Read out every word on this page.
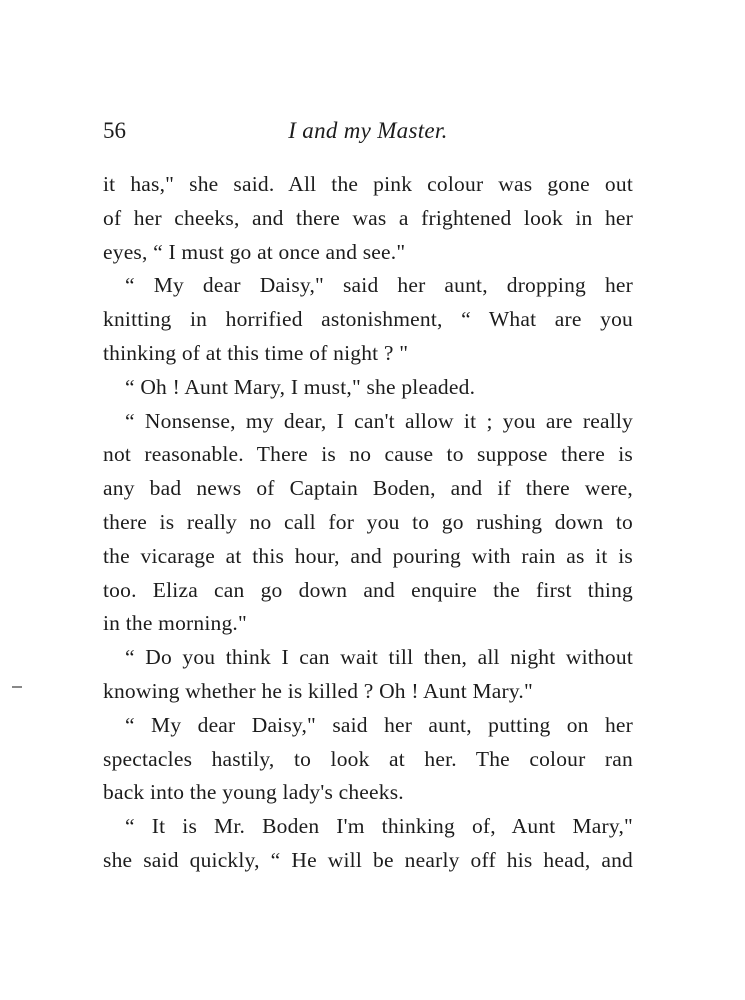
56	I and my Master.
it has," she said. All the pink colour was gone out
of her cheeks, and there was a frightened look in her
eyes, “ I must go at once and see."
“ My dear Daisy," said her aunt, dropping her
knitting in horrified astonishment, “ What are you
thinking of at this time of night ? "
“ Oh ! Aunt Mary, I must," she pleaded.
“ Nonsense, my dear, I can't allow it ; you are really
not reasonable. There is no cause to suppose there is
any bad news of Captain Boden, and if there were,
there is really no call for you to go rushing down to
the vicarage at this hour, and pouring with rain as it is
too. Eliza can go down and enquire the first thing
in the morning."
“ Do you think I can wait till then, all night without
knowing whether he is killed ? Oh ! Aunt Mary."
“ My dear Daisy," said her aunt, putting on her
spectacles hastily, to look at her. The colour ran
back into the young lady's cheeks.
“ It is Mr. Boden I'm thinking of, Aunt Mary,"
she said quickly, “ He will be nearly off his head, and
